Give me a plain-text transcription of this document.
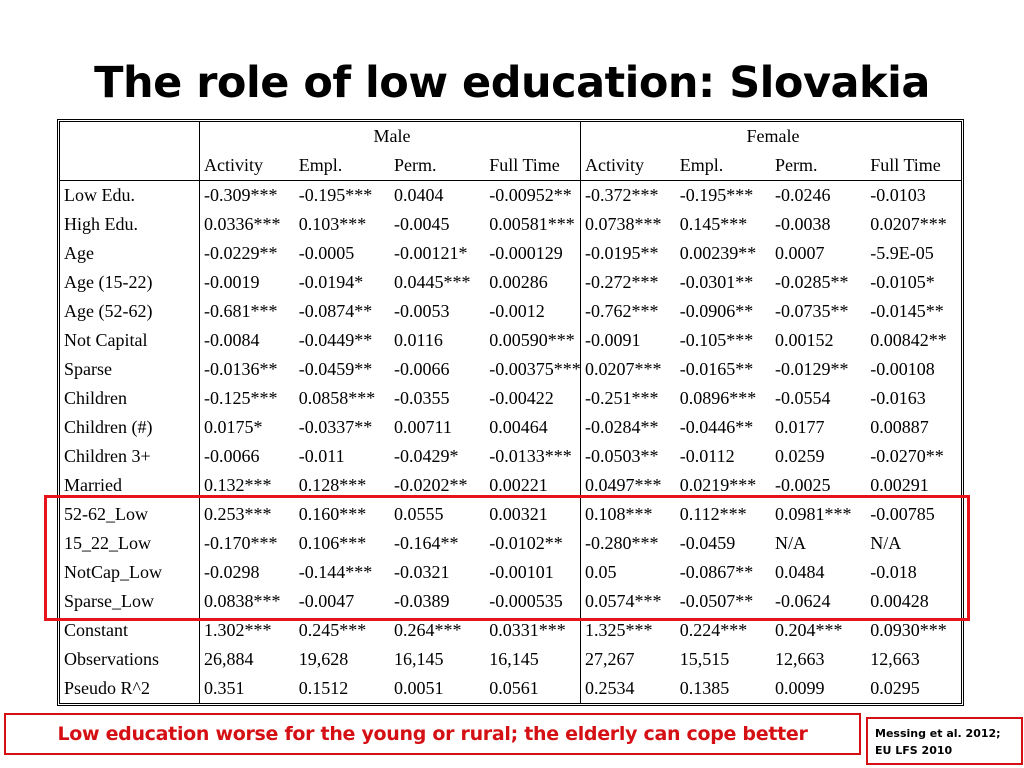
The role of low education: Slovakia
	Male				Female			
	Activity	Empl.	Perm.	Full Time	Activity	Empl.	Perm.	Full Time
Low Edu.	-0.309***	-0.195***	0.0404	-0.00952**	-0.372***	-0.195***	-0.0246	-0.0103
High Edu.	0.0336***	0.103***	-0.0045	0.00581***	0.0738***	0.145***	-0.0038	0.0207***
Age	-0.0229**	-0.0005	-0.00121*	-0.000129	-0.0195**	0.00239**	0.0007	-5.9E-05
Age (15-22)	-0.0019	-0.0194*	0.0445***	0.00286	-0.272***	-0.0301**	-0.0285**	-0.0105*
Age (52-62)	-0.681***	-0.0874**	-0.0053	-0.0012	-0.762***	-0.0906**	-0.0735**	-0.0145**
Not Capital	-0.0084	-0.0449**	0.0116	0.00590***	-0.0091	-0.105***	0.00152	0.00842**
Sparse	-0.0136**	-0.0459**	-0.0066	-0.00375***	0.0207***	-0.0165**	-0.0129**	-0.00108
Children	-0.125***	0.0858***	-0.0355	-0.00422	-0.251***	0.0896***	-0.0554	-0.0163
Children (#)	0.0175*	-0.0337**	0.00711	0.00464	-0.0284**	-0.0446**	0.0177	0.00887
Children 3+	-0.0066	-0.011	-0.0429*	-0.0133***	-0.0503**	-0.0112	0.0259	-0.0270**
Married	0.132***	0.128***	-0.0202**	0.00221	0.0497***	0.0219***	-0.0025	0.00291
52-62_Low	0.253***	0.160***	0.0555	0.00321	0.108***	0.112***	0.0981***	-0.00785
15_22_Low	-0.170***	0.106***	-0.164**	-0.0102**	-0.280***	-0.0459	N/A	N/A
NotCap_Low	-0.0298	-0.144***	-0.0321	-0.00101	0.05	-0.0867**	0.0484	-0.018
Sparse_Low	0.0838***	-0.0047	-0.0389	-0.000535	0.0574***	-0.0507**	-0.0624	0.00428
Constant	1.302***	0.245***	0.264***	0.0331***	1.325***	0.224***	0.204***	0.0930***
Observations	26,884	19,628	16,145	16,145	27,267	15,515	12,663	12,663
Pseudo R^2	0.351	0.1512	0.0051	0.0561	0.2534	0.1385	0.0099	0.0295
Low education worse for the young or rural; the elderly can cope better	Messing et al. 2012;
EU LFS 2010
